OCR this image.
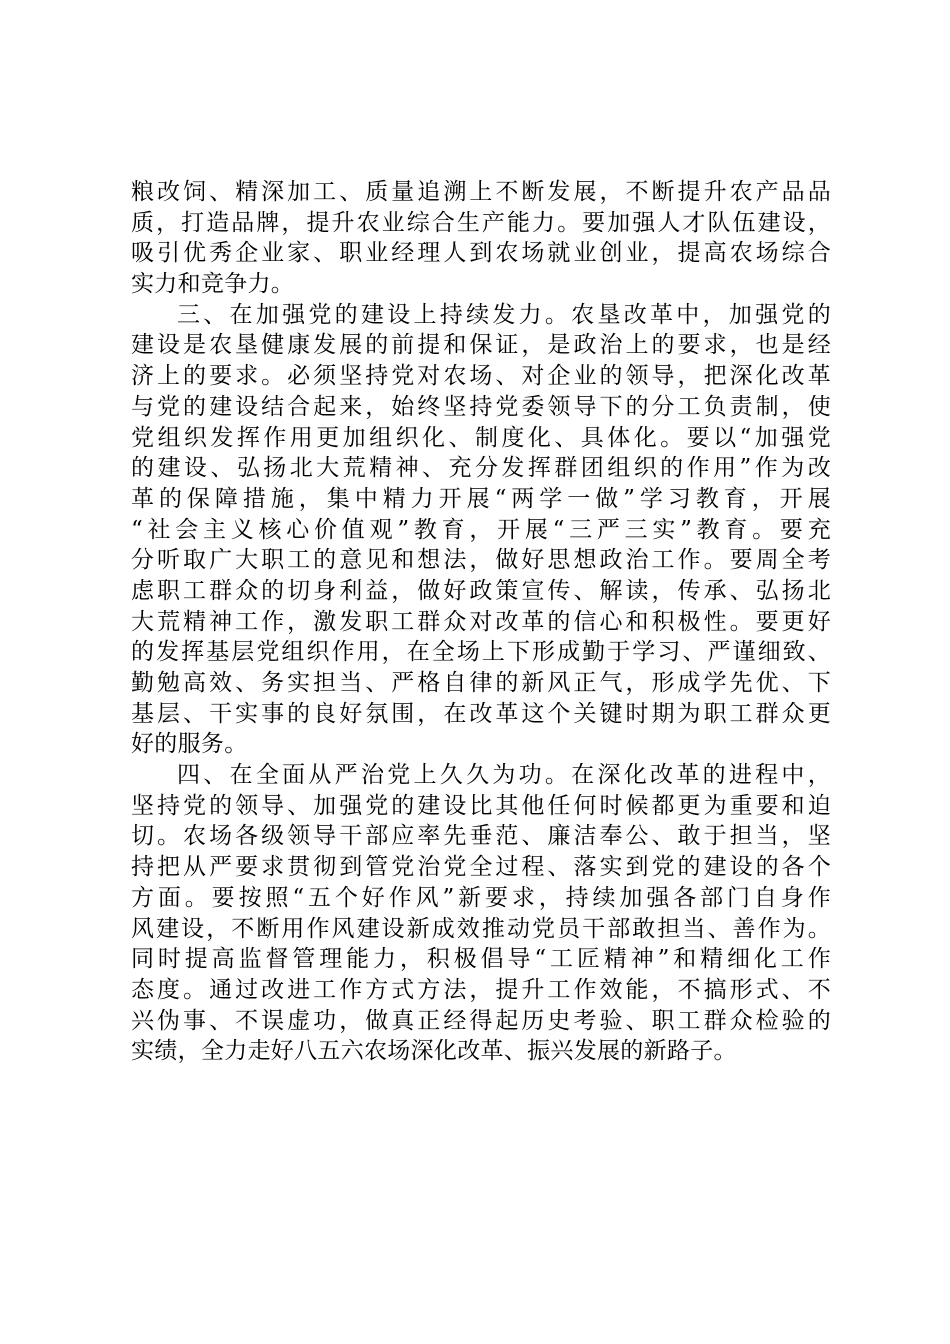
粮改饲、精深加工、质量追溯上不断发展，不断提升农产品品
质，打造品牌，提升农业综合生产能力。要加强人才队伍建设，
吸引优秀企业家、职业经理人到农场就业创业，提高农场综合
实力和竞争力。
三、在加强党的建设上持续发力。农垦改革中，加强党的
建设是农垦健康发展的前提和保证，是政治上的要求，也是经
济上的要求。必须坚持党对农场、对企业的领导，把深化改革
与党的建设结合起来，始终坚持党委领导下的分工负责制，使
党组织发挥作用更加组织化、制度化、具体化。要以“加强党
的建设、弘扬北大荒精神、充分发挥群团组织的作用”作为改
革的保障措施，集中精力开展“两学一做”学习教育，开展
“社会主义核心价值观”教育，开展“三严三实”教育。要充
分听取广大职工的意见和想法，做好思想政治工作。要周全考
虑职工群众的切身利益，做好政策宣传、解读，传承、弘扬北
大荒精神工作，激发职工群众对改革的信心和积极性。要更好
的发挥基层党组织作用，在全场上下形成勤于学习、严谨细致、
勤勉高效、务实担当、严格自律的新风正气，形成学先优、下
基层、干实事的良好氛围，在改革这个关键时期为职工群众更
好的服务。
四、在全面从严治党上久久为功。在深化改革的进程中，
坚持党的领导、加强党的建设比其他任何时候都更为重要和迫
切。农场各级领导干部应率先垂范、廉洁奉公、敢于担当，坚
持把从严要求贯彻到管党治党全过程、落实到党的建设的各个
方面。要按照“五个好作风”新要求，持续加强各部门自身作
风建设，不断用作风建设新成效推动党员干部敢担当、善作为。
同时提高监督管理能力，积极倡导“工匠精神”和精细化工作
态度。通过改进工作方式方法，提升工作效能，不搞形式、不
兴伪事、不误虚功，做真正经得起历史考验、职工群众检验的
实绩，全力走好八五六农场深化改革、振兴发展的新路子。
